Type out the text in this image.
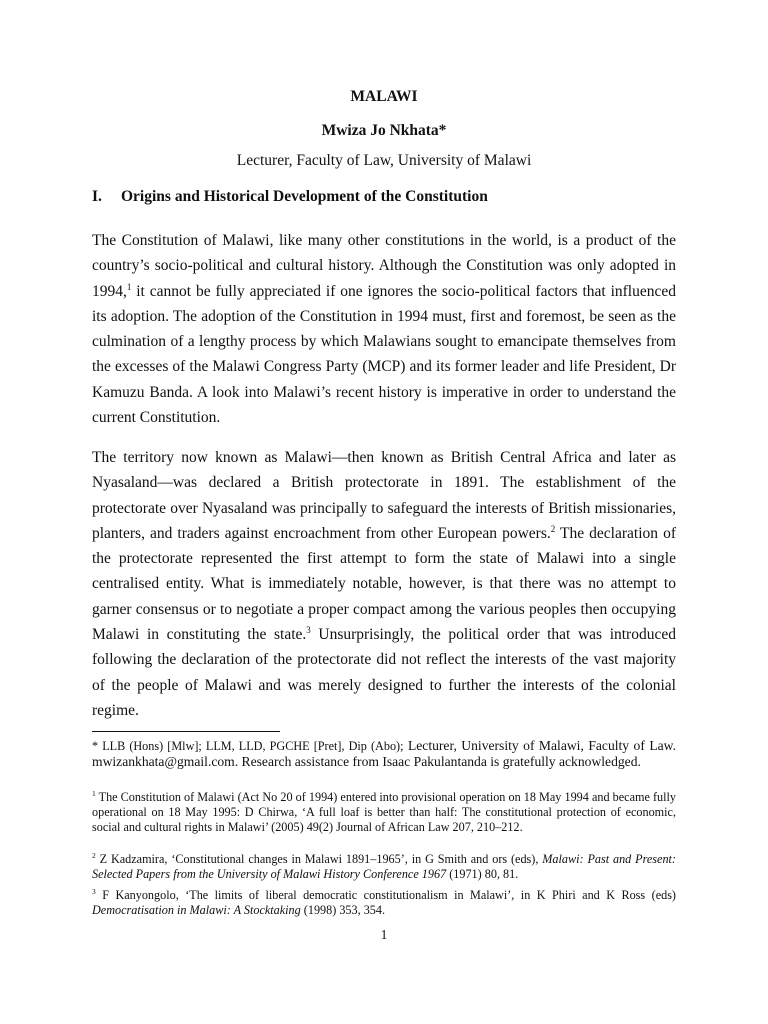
MALAWI
Mwiza Jo Nkhata*
Lecturer, Faculty of Law, University of Malawi
I. Origins and Historical Development of the Constitution

The Constitution of Malawi, like many other constitutions in the world, is a product of the country’s socio-political and cultural history. Although the Constitution was only adopted in 1994,$^1$ it cannot be fully appreciated if one ignores the socio-political factors that influenced its adoption. The adoption of the Constitution in 1994 must, first and foremost, be seen as the culmination of a lengthy process by which Malawians sought to emancipate themselves from the excesses of the Malawi Congress Party (MCP) and its former leader and life President, Dr Kamuzu Banda. A look into Malawi’s recent history is imperative in order to understand the current Constitution.

The territory now known as Malawi—then known as British Central Africa and later as Nyasaland—was declared a British protectorate in 1891. The establishment of the protectorate over Nyasaland was principally to safeguard the interests of British missionaries, planters, and traders against encroachment from other European powers.$^2$ The declaration of the protectorate represented the first attempt to form the state of Malawi into a single centralised entity. What is immediately notable, however, is that there was no attempt to garner consensus or to negotiate a proper compact among the various peoples then occupying Malawi in constituting the state.$^3$ Unsurprisingly, the political order that was introduced following the declaration of the protectorate did not reflect the interests of the vast majority of the people of Malawi and was merely designed to further the interests of the colonial regime.

* LLB (Hons) [Mlw]; LLM, LLD, PGCHE [Pret], Dip (Abo); Lecturer, University of Malawi, Faculty of Law. mwizankhata@gmail.com. Research assistance from Isaac Pakulantanda is gratefully acknowledged.

$^1$ The Constitution of Malawi (Act No 20 of 1994) entered into provisional operation on 18 May 1994 and became fully operational on 18 May 1995: D Chirwa, ‘A full loaf is better than half: The constitutional protection of economic, social and cultural rights in Malawi’ (2005) 49(2) Journal of African Law 207, 210–212.

$^2$ Z Kadzamira, ‘Constitutional changes in Malawi 1891–1965’, in G Smith and ors (eds), Malawi: Past and Present: Selected Papers from the University of Malawi History Conference 1967 (1971) 80, 81.

$^3$ F Kanyongolo, ‘The limits of liberal democratic constitutionalism in Malawi’, in K Phiri and K Ross (eds) Democratisation in Malawi: A Stocktaking (1998) 353, 354.

1
